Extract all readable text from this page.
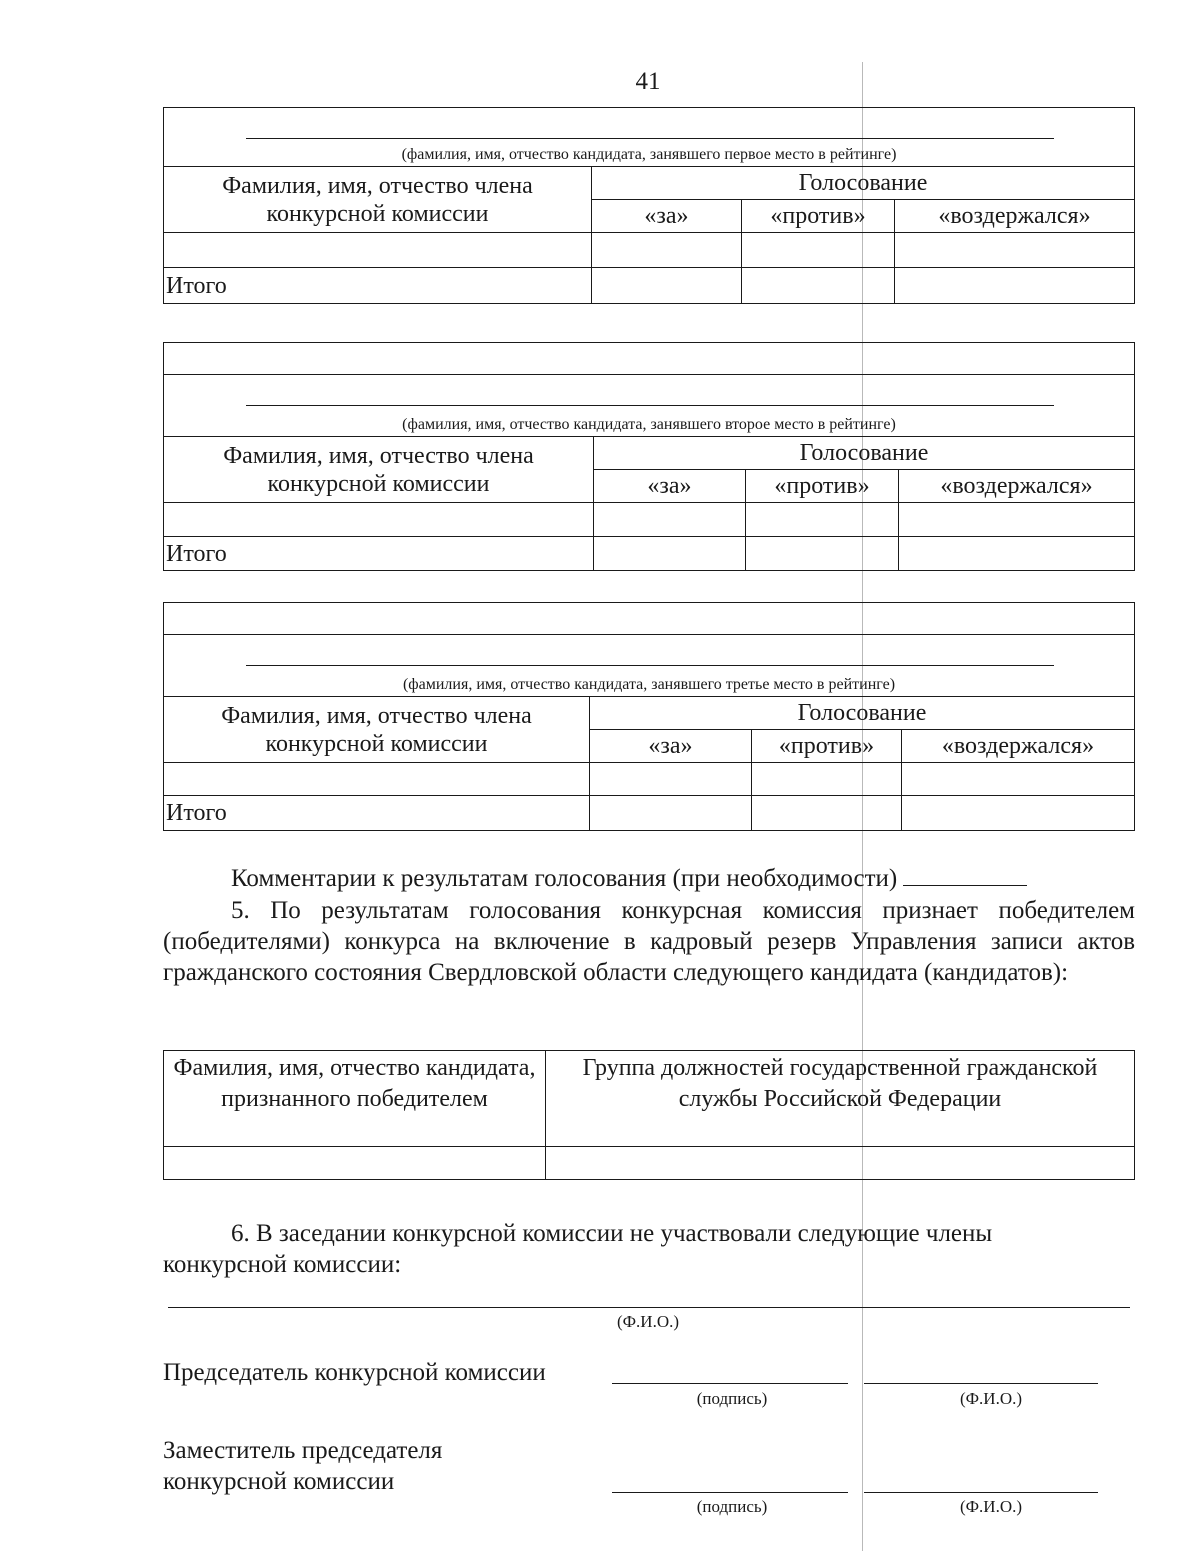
41
(фамилия, имя, отчество кандидата, занявшего первое место в рейтинге)			

Фамилия, имя, отчество члена конкурсной комиссии	Голосование		
	«за»	«против»	«воздержался»

Итого			

(фамилия, имя, отчество кандидата, занявшего второе место в рейтинге)			

Фамилия, имя, отчество члена конкурсной комиссии	Голосование		
	«за»	«против»	«воздержался»

Итого			

(фамилия, имя, отчество кандидата, занявшего третье место в рейтинге)			

Фамилия, имя, отчество члена конкурсной комиссии	Голосование		
	«за»	«против»	«воздержался»

Итого			
Комментарии к результатам голосования (при необходимости)
5. По результатам голосования конкурсная комиссия признает победителем (победителями) конкурса на включение в кадровый резерв Управления записи актов гражданского состояния Свердловской области следующего кандидата (кандидатов):
Фамилия, имя, отчество кандидата, признанного победителем	Группа должностей государственной гражданской службы Российской Федерации

6. В заседании конкурсной комиссии не участвовали следующие члены конкурсной комиссии:
(Ф.И.О.)
Председатель конкурсной комиссии
(подпись)	(Ф.И.О.)
Заместитель председателя
конкурсной комиссии
(подпись)	(Ф.И.О.)
